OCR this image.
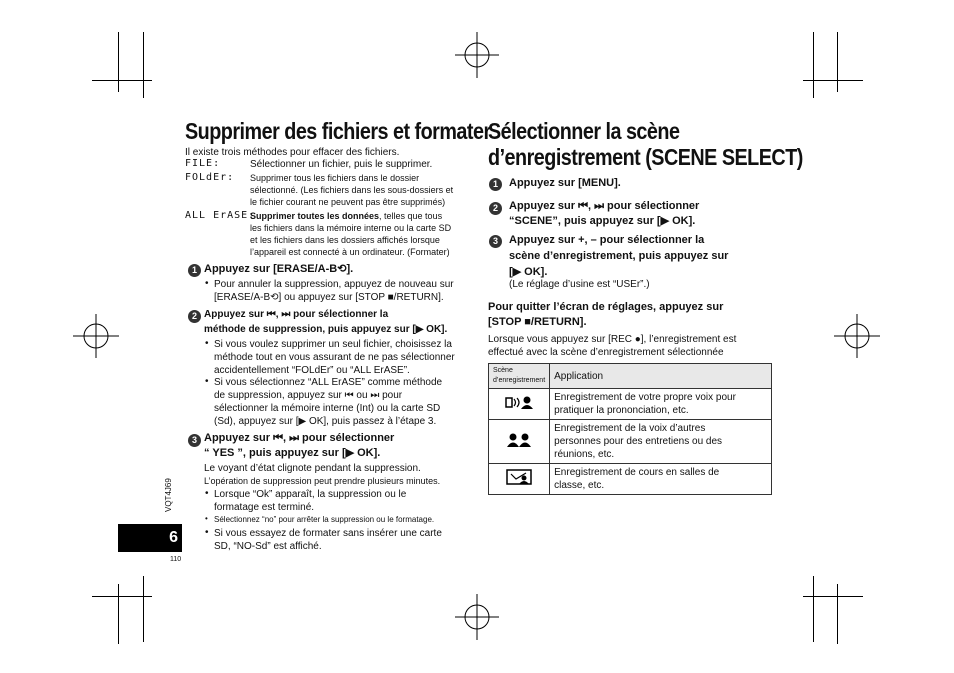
Supprimer des fichiers et formater
Il existe trois méthodes pour effacer des fichiers.
FILE:	Sélectionner un fichier, puis le supprimer.
FOLdEr: Supprimer tous les fichiers dans le dossier
sélectionné. (Les fichiers dans les sous-dossiers et
le fichier courant ne peuvent pas être supprimés)
ALL ErASE:
Supprimer toutes les données, telles que tous
les fichiers dans la mémoire interne ou la carte SD
et les fichiers dans les dossiers affichés lorsque
l’appareil est connecté à un ordinateur. (Formater)
1 Appuyez sur [ERASE/A-B⟲].
• Pour annuler la suppression, appuyez de nouveau sur
[ERASE/A-B⟲] ou appuyez sur [STOP ■/RETURN].
2 Appuyez sur ⏮, ⏭ pour sélectionner la
méthode de suppression, puis appuyez sur [▶ OK].
• Si vous voulez supprimer un seul fichier, choisissez la
méthode tout en vous assurant de ne pas sélectionner
accidentellement “FOLdEr” ou “ALL ErASE”.
• Si vous sélectionnez “ALL ErASE” comme méthode
de suppression, appuyez sur ⏮ ou ⏭ pour
sélectionner la mémoire interne (Int) ou la carte SD
(Sd), appuyez sur [▶ OK], puis passez à l’étape 3.
3 Appuyez sur ⏮, ⏭ pour sélectionner
“ YES ”, puis appuyez sur [▶ OK].
Le voyant d’état clignote pendant la suppression.
L’opération de suppression peut prendre plusieurs minutes.
• Lorsque “Ok” apparaît, la suppression ou le
formatage est terminé.
• Sélectionnez “no” pour arrêter la suppression ou le formatage.
• Si vous essayez de formater sans insérer une carte
SD, “NO-Sd” est affiché.
VQT4J69
6
110
Sélectionner la scène
d’enregistrement (SCENE SELECT)
1	Appuyez sur [MENU].
2	Appuyez sur ⏮, ⏭ pour sélectionner
“SCENE”, puis appuyez sur [▶ OK].
3	Appuyez sur +, – pour sélectionner la
scène d’enregistrement, puis appuyez sur
[▶ OK].
(Le réglage d’usine est “USEr”.)
Pour quitter l’écran de réglages, appuyez sur
[STOP ■/RETURN].
Lorsque vous appuyez sur [REC ●], l’enregistrement est
effectué avec la scène d’enregistrement sélectionnée
Scène
d’enregistrement	Application

Enregistrement de votre propre voix pour
pratiquer la prononciation, etc.

Enregistrement de la voix d’autres
personnes pour des entretiens ou des
réunions, etc.

Enregistrement de cours en salles de
classe, etc.
